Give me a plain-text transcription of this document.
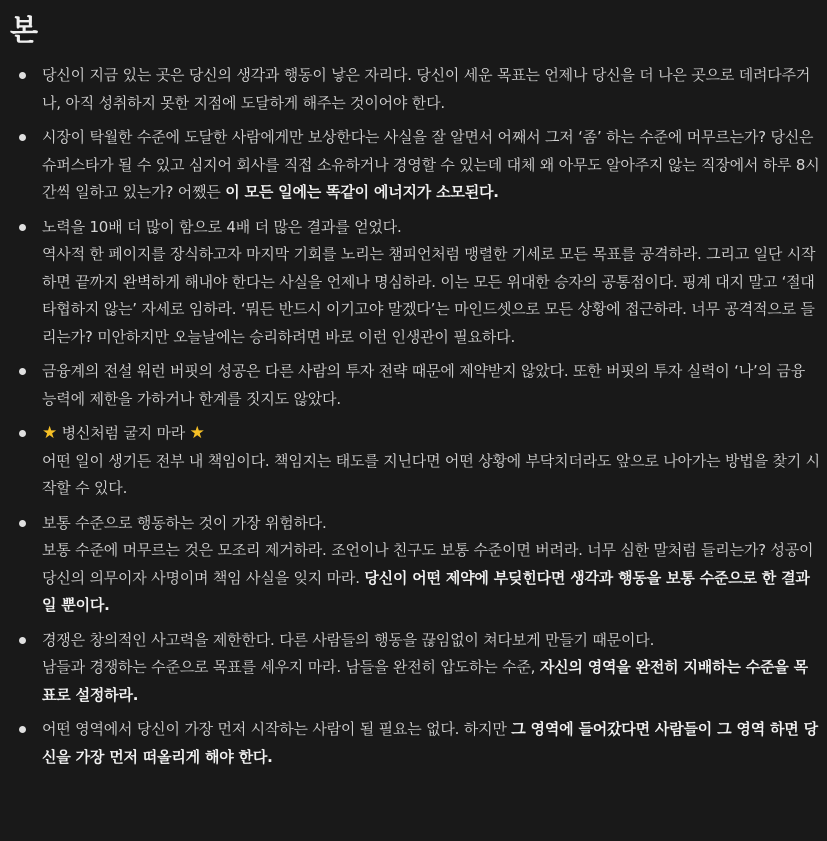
본
당신이 지금 있는 곳은 당신의 생각과 행동이 낳은 자리다. 당신이 세운 목표는 언제나 당신을 더 나은 곳으로 데려다주거나, 아직 성취하지 못한 지점에 도달하게 해주는 것이어야 한다.
시장이 탁월한 수준에 도달한 사람에게만 보상한다는 사실을 잘 알면서 어째서 그저 ‘좀’ 하는 수준에 머무르는가? 당신은 슈퍼스타가 될 수 있고 심지어 회사를 직접 소유하거나 경영할 수 있는데 대체 왜 아무도 알아주지 않는 직장에서 하루 8시간씩 일하고 있는가? 어쨌든 이 모든 일에는 똑같이 에너지가 소모된다.
노력을 10배 더 많이 함으로 4배 더 많은 결과를 얻었다.
역사적 한 페이지를 장식하고자 마지막 기회를 노리는 챔피언처럼 맹렬한 기세로 모든 목표를 공격하라. 그리고 일단 시작하면 끝까지 완벽하게 해내야 한다는 사실을 언제나 명심하라. 이는 모든 위대한 승자의 공통점이다. 핑계 대지 말고 ‘절대 타협하지 않는’ 자세로 임하라. ‘뭐든 반드시 이기고야 말겠다’는 마인드셋으로 모든 상황에 접근하라. 너무 공격적으로 들리는가? 미안하지만 오늘날에는 승리하려면 바로 이런 인생관이 필요하다.
금융계의 전설 워런 버핏의 성공은 다른 사람의 투자 전략 때문에 제약받지 않았다. 또한 버핏의 투자 실력이 ‘나’의 금융 능력에 제한을 가하거나 한계를 짓지도 않았다.
★ 병신처럼 굴지 마라 ★
어떤 일이 생기든 전부 내 책임이다. 책임지는 태도를 지닌다면 어떤 상황에 부닥치더라도 앞으로 나아가는 방법을 찾기 시작할 수 있다.
보통 수준으로 행동하는 것이 가장 위험하다.
보통 수준에 머무르는 것은 모조리 제거하라. 조언이나 친구도 보통 수준이면 버려라. 너무 심한 말처럼 들리는가? 성공이 당신의 의무이자 사명이며 책임 사실을 잊지 마라. 당신이 어떤 제약에 부딪힌다면 생각과 행동을 보통 수준으로 한 결과일 뿐이다.
경쟁은 창의적인 사고력을 제한한다. 다른 사람들의 행동을 끊임없이 쳐다보게 만들기 때문이다.
남들과 경쟁하는 수준으로 목표를 세우지 마라. 남들을 완전히 압도하는 수준, 자신의 영역을 완전히 지배하는 수준을 목표로 설정하라.
어떤 영역에서 당신이 가장 먼저 시작하는 사람이 될 필요는 없다. 하지만 그 영역에 들어갔다면 사람들이 그 영역 하면 당신을 가장 먼저 떠올리게 해야 한다.
